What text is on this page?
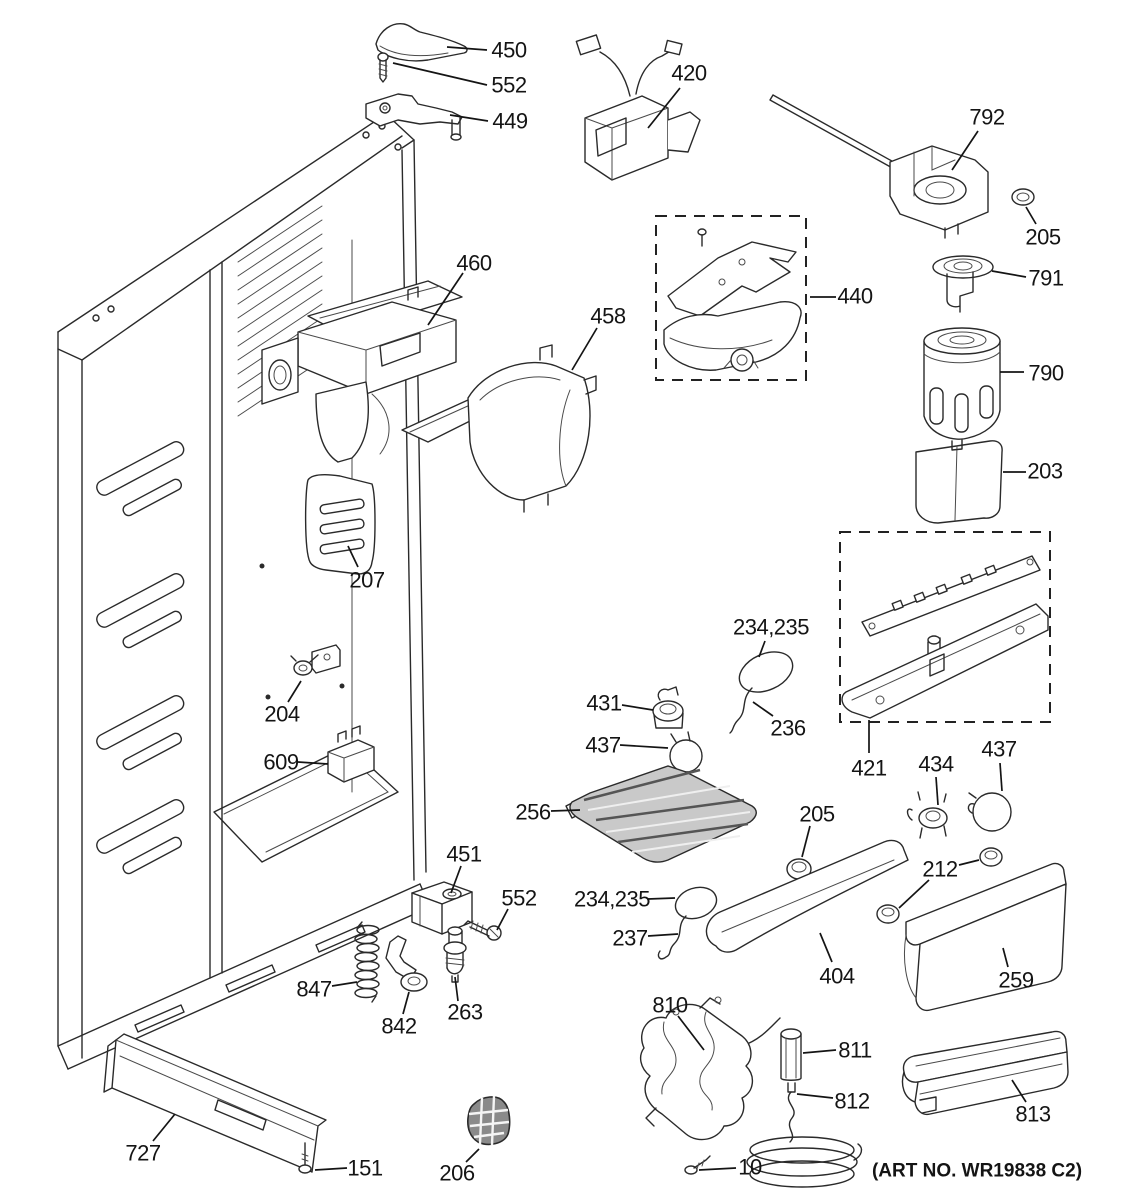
450
552
449
420
792
205
791
790
203
440
460
458
207
204
609
234,235
236
431
437
256
421 434
437
205
212
404	259
234,235
237
451
552
847
842
263
727
151	206
810
811
812
10
813
(ART NO. WR19838 C2)
